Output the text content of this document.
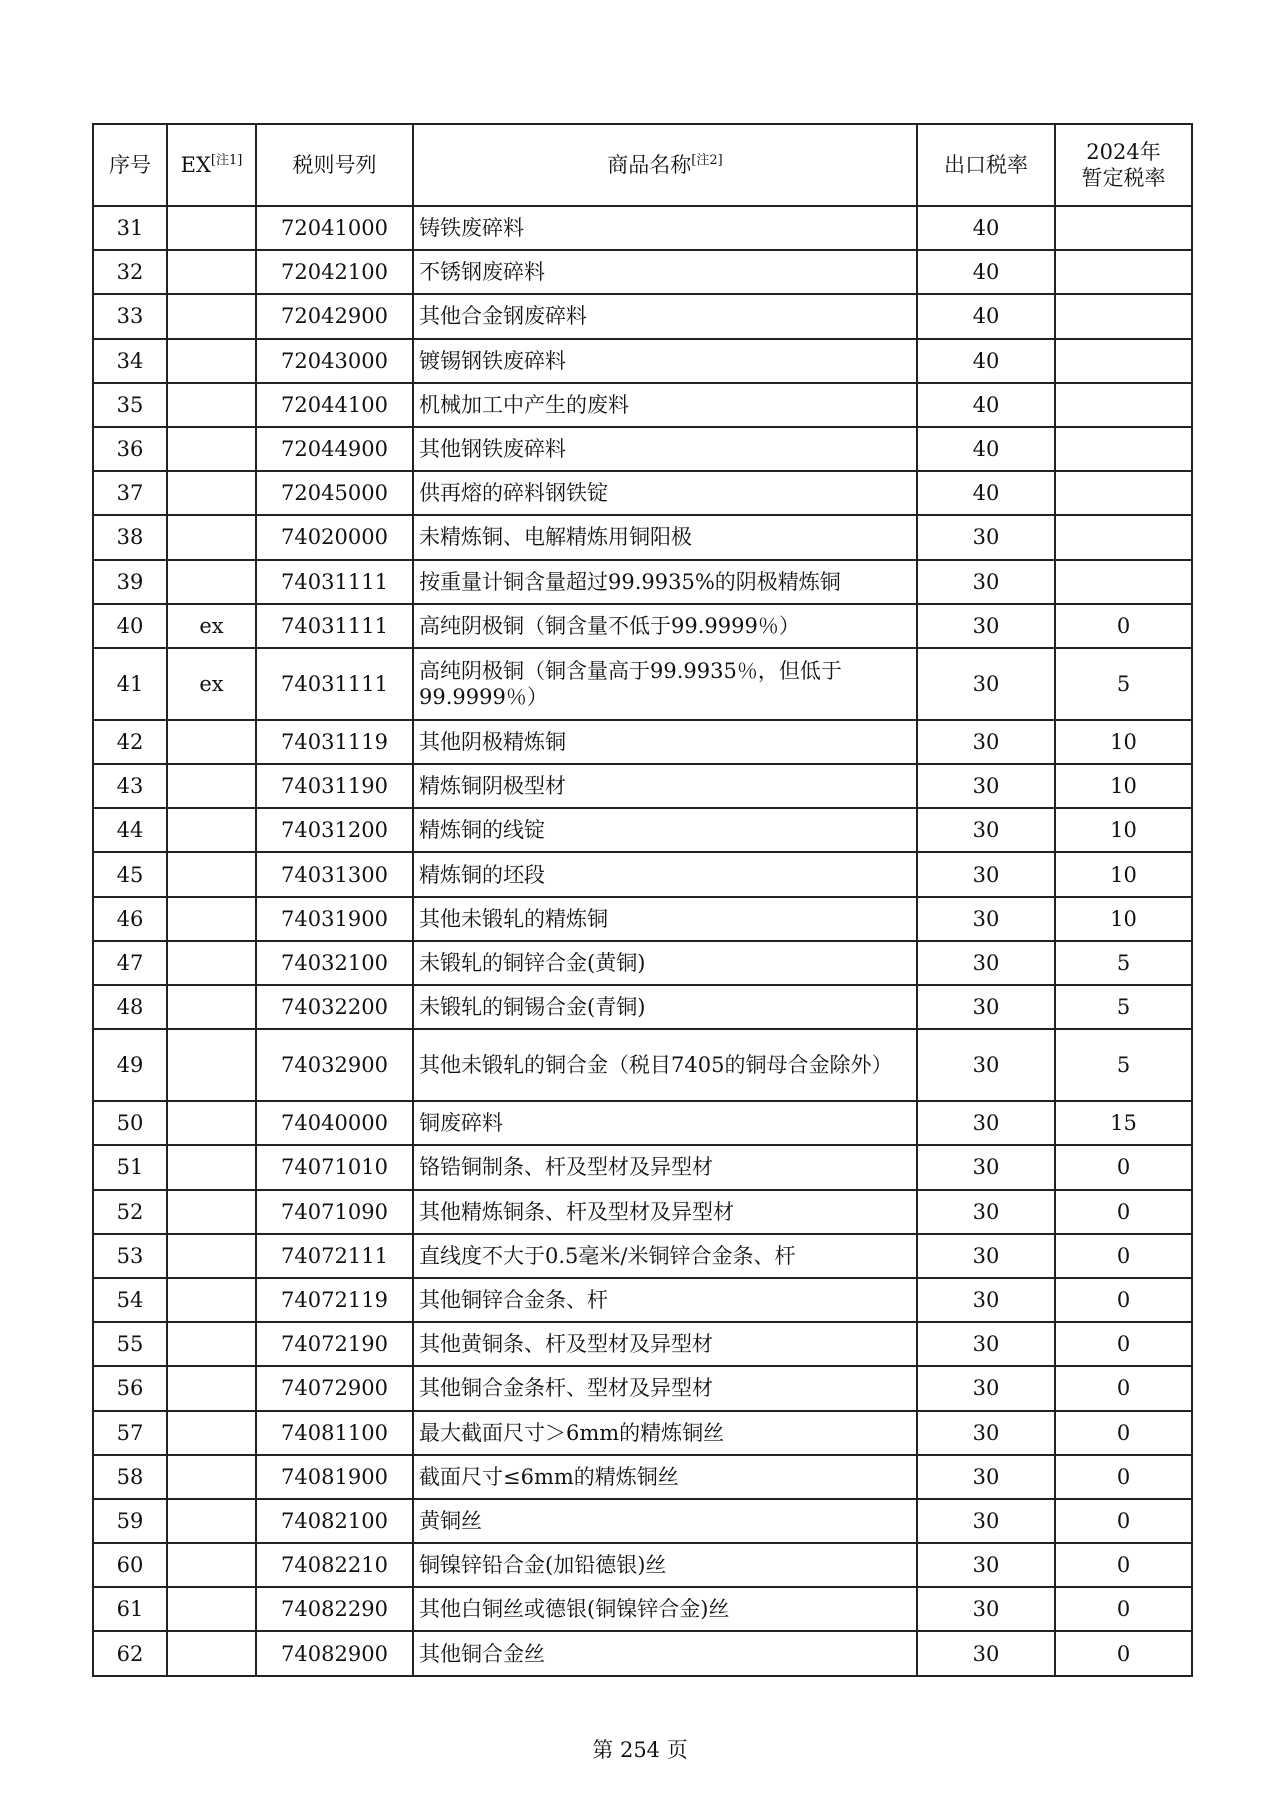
序号	EX[注1]	税则号列	商品名称[注2]	出口税率	2024年
暂定税率
31		72041000	铸铁废碎料	40	
32		72042100	不锈钢废碎料	40	
33		72042900	其他合金钢废碎料	40	
34		72043000	镀锡钢铁废碎料	40	
35		72044100	机械加工中产生的废料	40	
36		72044900	其他钢铁废碎料	40	
37		72045000	供再熔的碎料钢铁锭	40	
38		74020000	未精炼铜、电解精炼用铜阳极	30	
39		74031111	按重量计铜含量超过99.9935%的阴极精炼铜	30	
40	ex	74031111	高纯阴极铜（铜含量不低于99.9999％）	30	0
41	ex	74031111	高纯阴极铜（铜含量高于99.9935％，但低于99.9999％）	30	5
42		74031119	其他阴极精炼铜	30	10
43		74031190	精炼铜阴极型材	30	10
44		74031200	精炼铜的线锭	30	10
45		74031300	精炼铜的坯段	30	10
46		74031900	其他未锻轧的精炼铜	30	10
47		74032100	未锻轧的铜锌合金(黄铜)	30	5
48		74032200	未锻轧的铜锡合金(青铜)	30	5
49		74032900	其他未锻轧的铜合金（税目7405的铜母合金除外）	30	5
50		74040000	铜废碎料	30	15
51		74071010	铬锆铜制条、杆及型材及异型材	30	0
52		74071090	其他精炼铜条、杆及型材及异型材	30	0
53		74072111	直线度不大于0.5毫米/米铜锌合金条、杆	30	0
54		74072119	其他铜锌合金条、杆	30	0
55		74072190	其他黄铜条、杆及型材及异型材	30	0
56		74072900	其他铜合金条杆、型材及异型材	30	0
57		74081100	最大截面尺寸＞6mm的精炼铜丝	30	0
58		74081900	截面尺寸≤6mm的精炼铜丝	30	0
59		74082100	黄铜丝	30	0
60		74082210	铜镍锌铅合金(加铅德银)丝	30	0
61		74082290	其他白铜丝或德银(铜镍锌合金)丝	30	0
62		74082900	其他铜合金丝	30	0
第 254 页
